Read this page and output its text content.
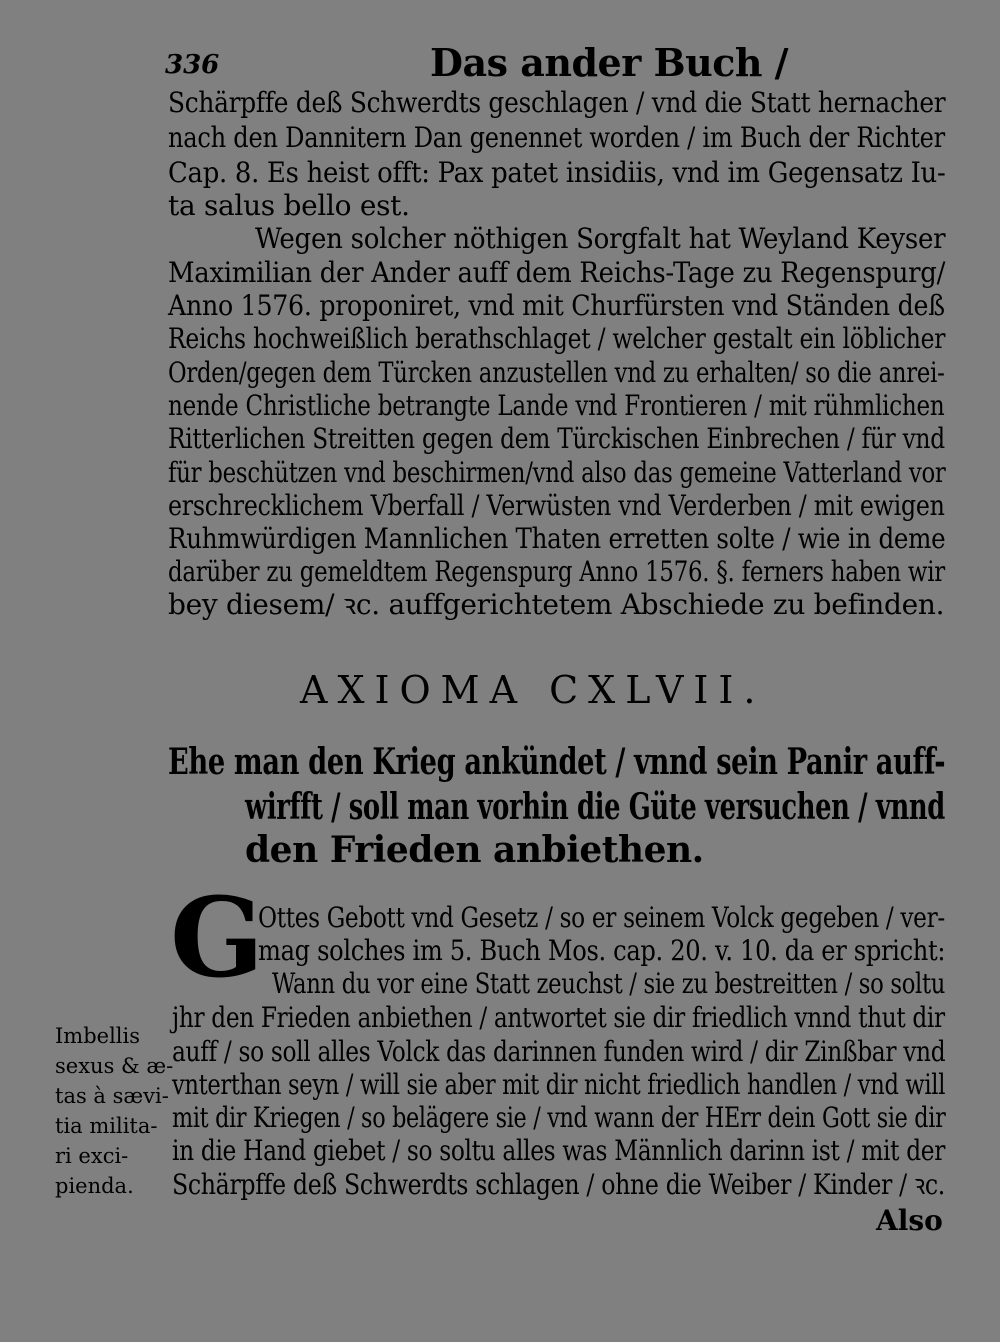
336	Das ander Buch /
Schärpffe deß Schwerdts geschlagen / vnd die Statt hernacher
nach den Dannitern Dan genennet worden / im Buch der Richter
Cap. 8. Es heist offt: Pax patet insidiis, vnd im Gegensatz Iu-
ta salus bello est.
Wegen solcher nöthigen Sorgfalt hat Weyland Keyser
Maximilian der Ander auff dem Reichs-Tage zu Regenspurg/
Anno 1576. proponiret, vnd mit Churfürsten vnd Ständen deß
Reichs hochweißlich berathschlaget / welcher gestalt ein löblicher
Orden/gegen dem Türcken anzustellen vnd zu erhalten/ so die anrei-
nende Christliche betrangte Lande vnd Frontieren / mit rühmlichen
Ritterlichen Streitten gegen dem Türckischen Einbrechen / für vnd
für beschützen vnd beschirmen/vnd also das gemeine Vatterland vor
erschrecklichem Vberfall / Verwüsten vnd Verderben / mit ewigen
Ruhmwürdigen Mannlichen Thaten erretten solte / wie in deme
darüber zu gemeldtem Regenspurg Anno 1576. §. ferners haben wir
bey diesem/ ꝛc. auffgerichtetem Abschiede zu befinden.
AXIOMA CXLVII.
Ehe man den Krieg ankündet / vnnd sein Panir auff-
wirfft / soll man vorhin die Güte versuchen / vnnd
den Frieden anbiethen.
G
Ottes Gebott vnd Gesetz / so er seinem Volck gegeben / ver-
mag solches im 5. Buch Mos. cap. 20. v. 10. da er spricht:
Wann du vor eine Statt zeuchst / sie zu bestreitten / so soltu
jhr den Frieden anbiethen / antwortet sie dir friedlich vnnd thut dir
auff / so soll alles Volck das darinnen funden wird / dir Zinßbar vnd
vnterthan seyn / will sie aber mit dir nicht friedlich handlen / vnd will
mit dir Kriegen / so belägere sie / vnd wann der HErr dein Gott sie dir
in die Hand giebet / so soltu alles was Männlich darinn ist / mit der
Schärpffe deß Schwerdts schlagen / ohne die Weiber / Kinder / ꝛc.
Imbellis
sexus & æ-
tas à sævi-
tia milita-
ri exci-
pienda.
Also
